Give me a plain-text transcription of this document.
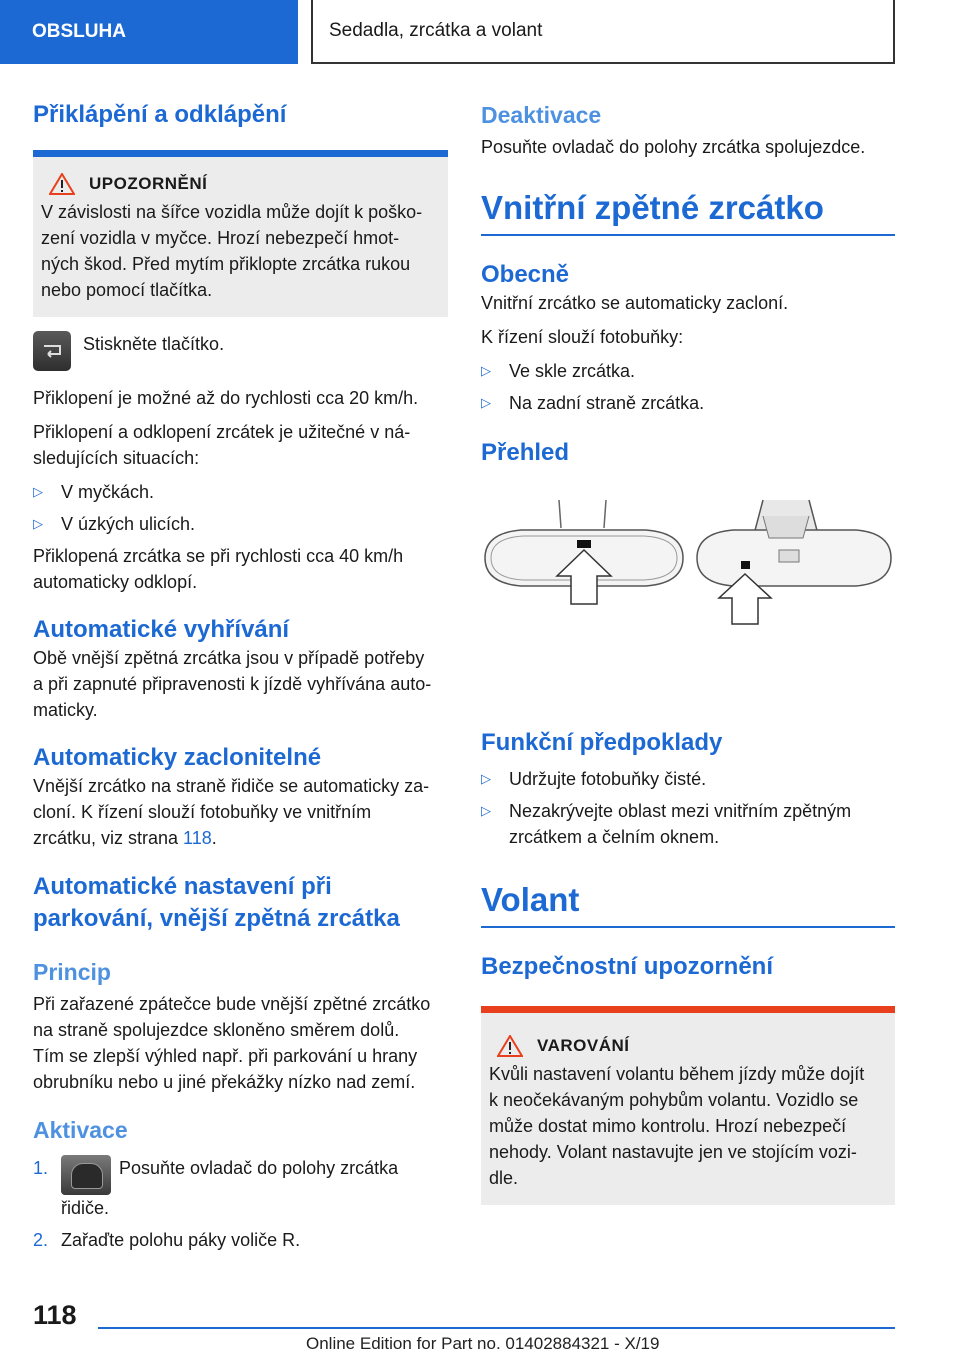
OBSLUHA	Sedadla, zrcátka a volant
Přiklápění a odklápění
UPOZORNĚNÍ
V závislosti na šířce vozidla může dojít k poško-
zení vozidla v myčce. Hrozí nebezpečí hmot-
ných škod. Před mytím přiklopte zrcátka rukou
nebo pomocí tlačítka.
Stiskněte tlačítko.

Přiklopení je možné až do rychlosti cca 20 km/h.

Přiklopení a odklopení zrcátek je užitečné v ná-
sledujících situacích:

▷	V myčkách.
▷	V úzkých ulicích.

Přiklopená zrcátka se při rychlosti cca 40 km/h
automaticky odklopí.

Automatické vyhřívání

Obě vnější zpětná zrcátka jsou v případě potřeby
a při zapnuté připravenosti k jízdě vyhřívána auto-
maticky.

Automaticky zaclonitelné

Vnější zrcátko na straně řidiče se automaticky za-
cloní. K řízení slouží fotobuňky ve vnitřním
zrcátku, viz strana 118.

Automatické nastavení při
parkování, vnější zpětná zrcátka
Princip

Při zařazené zpátečce bude vnější zpětné zrcátko
na straně spolujezdce skloněno směrem dolů.
Tím se zlepší výhled např. při parkování u hrany
obrubníku nebo u jiné překážky nízko nad zemí.

Aktivace
1.	Posuňte ovladač do polohy zrcátka
řidiče.
2. Zařaďte polohu páky voliče R.
Deaktivace

Posuňte ovladač do polohy zrcátka spolujezdce.

Vnitřní zpětné zrcátko
Obecně

Vnitřní zrcátko se automaticky zacloní.

K řízení slouží fotobuňky:

▷	Ve skle zrcátka.
▷	Na zadní straně zrcátka.
Přehled
Funkční předpoklady
▷	Udržujte fotobuňky čisté.
▷	Nezakrývejte oblast mezi vnitřním zpětným
zrcátkem a čelním oknem.
Volant
Bezpečnostní upozornění
VAROVÁNÍ
Kvůli nastavení volantu během jízdy může dojít
k neočekávaným pohybům volantu. Vozidlo se
může dostat mimo kontrolu. Hrozí nebezpečí
nehody. Volant nastavujte jen ve stojícím vozi-
dle.
118
Online Edition for Part no. 01402884321 - X/19
